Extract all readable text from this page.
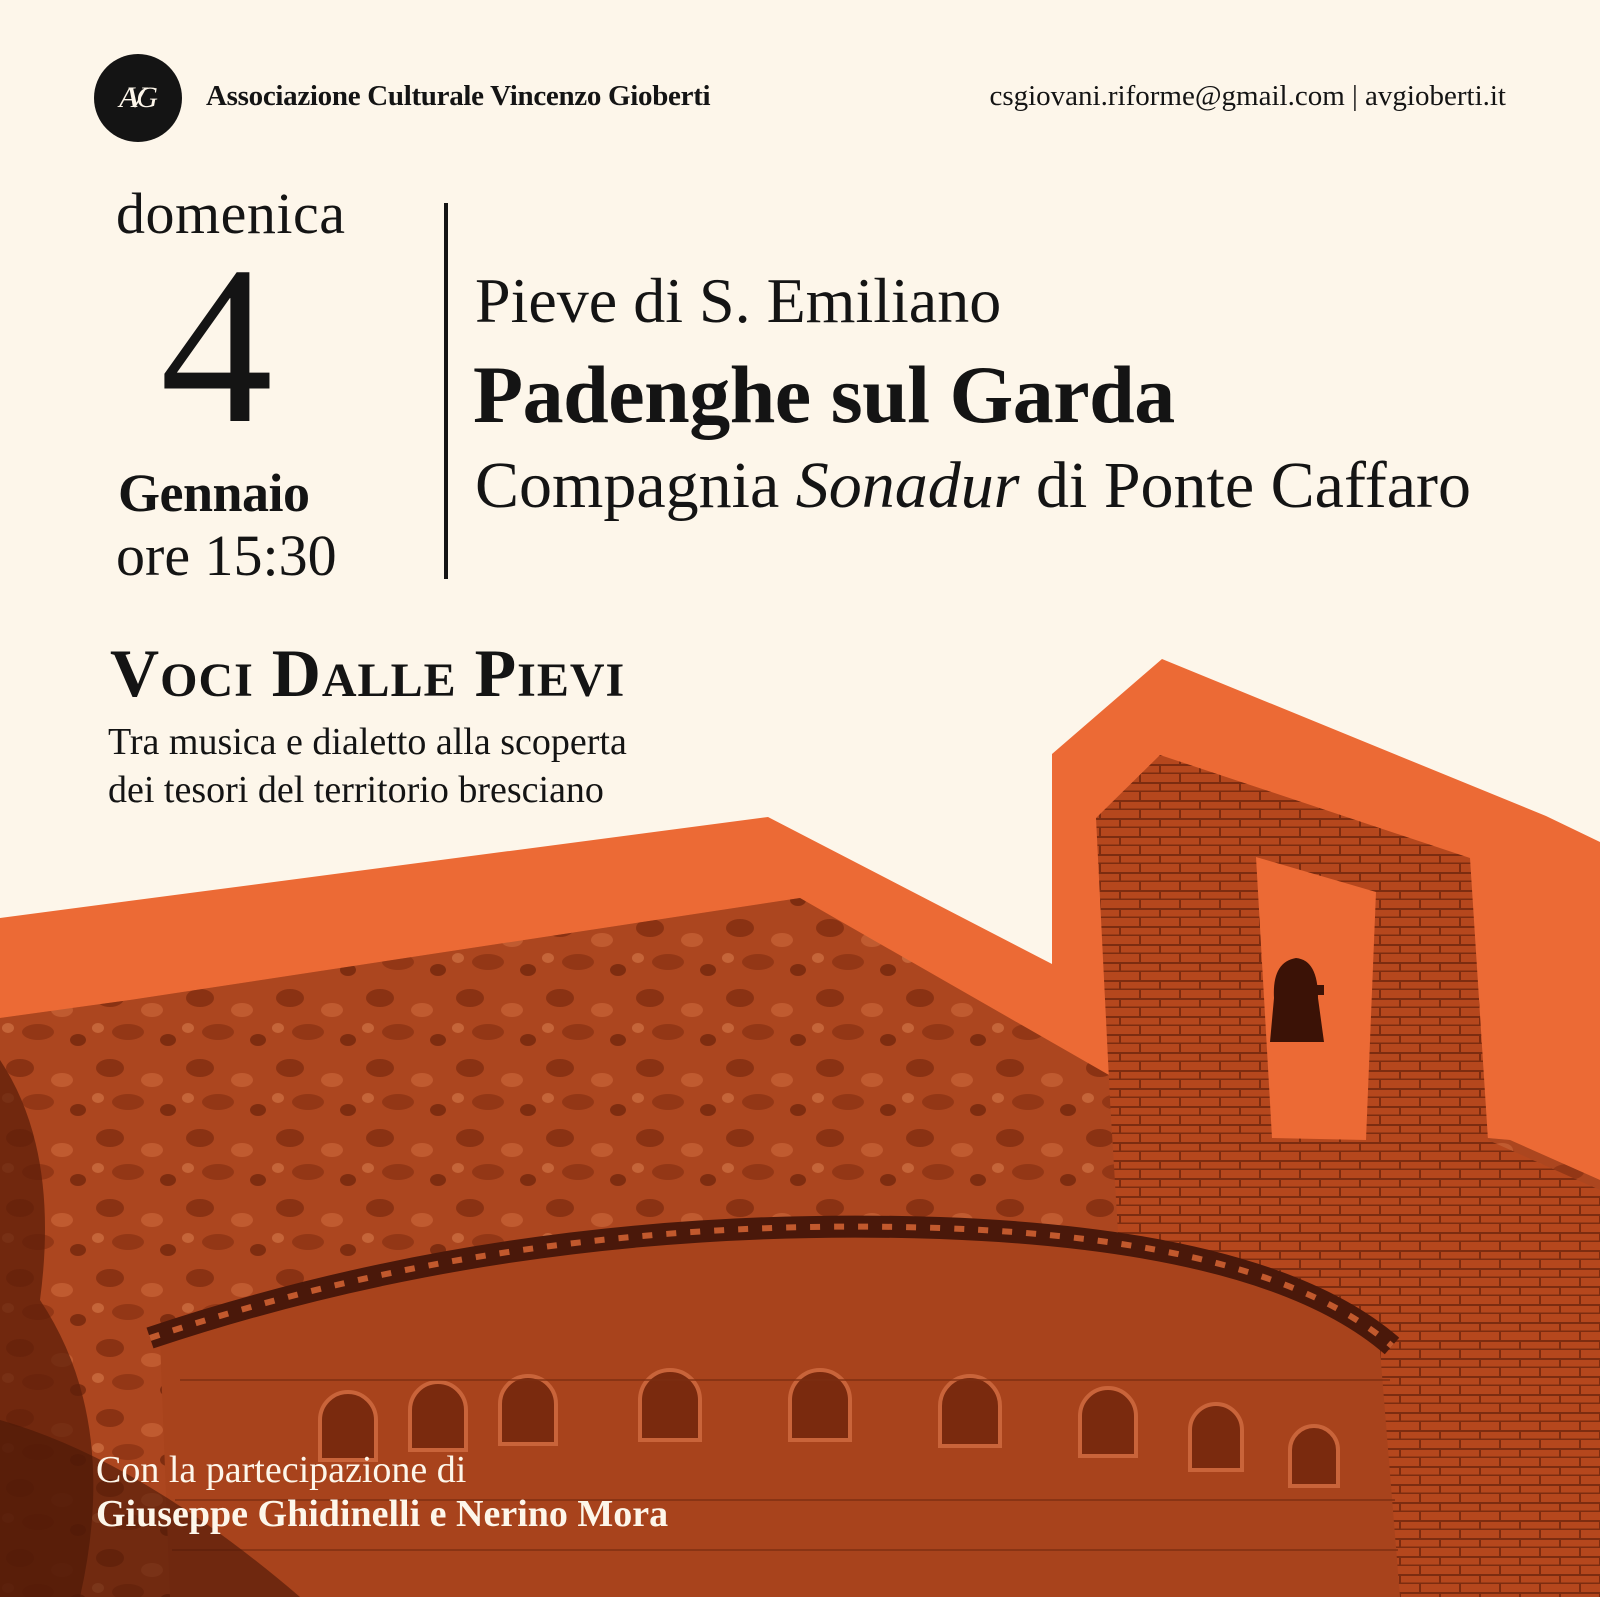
AVG Associazione Culturale Vincenzo Gioberti	csgiovani.riforme@gmail.com | avgioberti.it
domenica
4
Gennaio
ore 15:30
Pieve di S. Emiliano
Padenghe sul Garda
Compagnia Sonadur di Ponte Caffaro
Voci Dalle Pievi
Tra musica e dialetto alla scoperta
dei tesori del territorio bresciano
Con la partecipazione di
Giuseppe Ghidinelli e Nerino Mora
